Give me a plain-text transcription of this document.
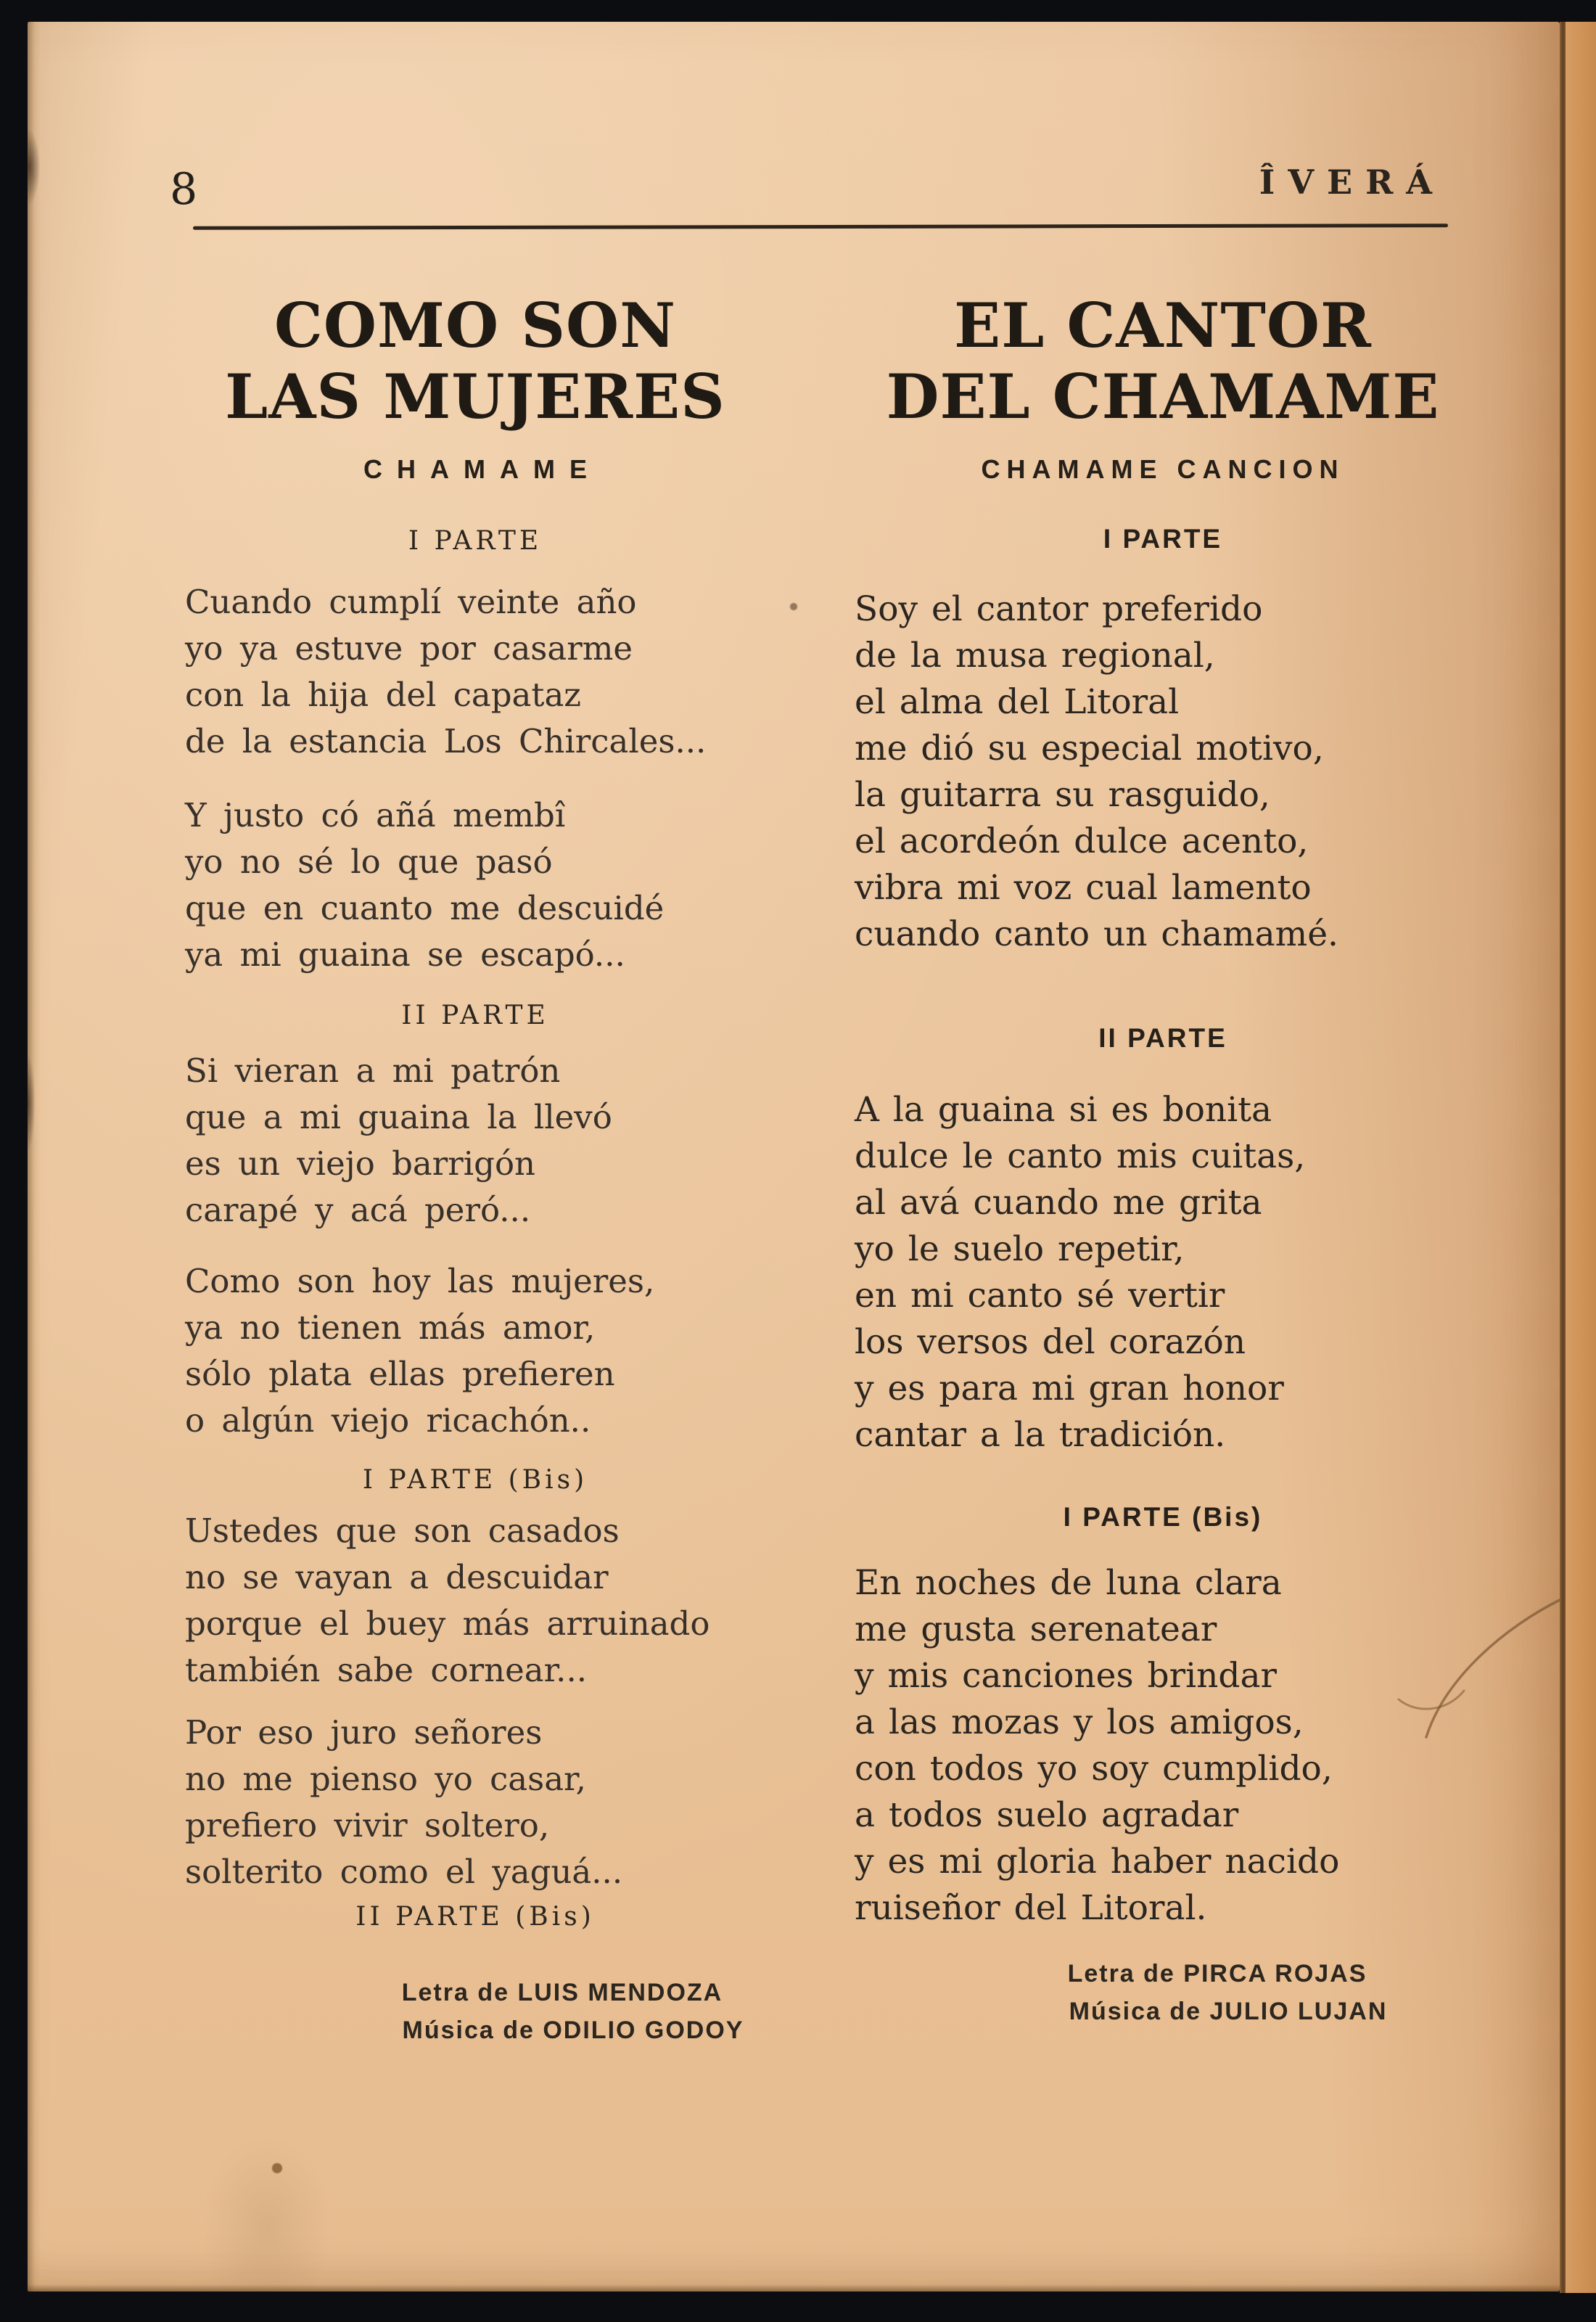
8	ÎVERÁ
COMO SON
LAS MUJERES
CHAMAME
I PARTE
Cuando cumplí veinte año
yo ya estuve por casarme
con la hija del capataz
de la estancia Los Chircales...
Y justo có añá membî
yo no sé lo que pasó
que en cuanto me descuidé
ya mi guaina se escapó...
II PARTE
Si vieran a mi patrón
que a mi guaina la llevó
es un viejo barrigón
carapé y acá peró...
Como son hoy las mujeres,
ya no tienen más amor,
sólo plata ellas prefieren
o algún viejo ricachón..
I PARTE (Bis)
Ustedes que son casados
no se vayan a descuidar
porque el buey más arruinado
también sabe cornear...
Por eso juro señores
no me pienso yo casar,
prefiero vivir soltero,
solterito como el yaguá...
II PARTE (Bis)
Letra de LUIS MENDOZA
Música de ODILIO GODOY
EL CANTOR
DEL CHAMAME
CHAMAME CANCION
I PARTE
Soy el cantor preferido
de la musa regional,
el alma del Litoral
me dió su especial motivo,
la guitarra su rasguido,
el acordeón dulce acento,
vibra mi voz cual lamento
cuando canto un chamamé.
II PARTE
A la guaina si es bonita
dulce le canto mis cuitas,
al avá cuando me grita
yo le suelo repetir,
en mi canto sé vertir
los versos del corazón
y es para mi gran honor
cantar a la tradición.
I PARTE (Bis)
En noches de luna clara
me gusta serenatear
y mis canciones brindar
a las mozas y los amigos,
con todos yo soy cumplido,
a todos suelo agradar
y es mi gloria haber nacido
ruiseñor del Litoral.
Letra de PIRCA ROJAS
Música de JULIO LUJAN
